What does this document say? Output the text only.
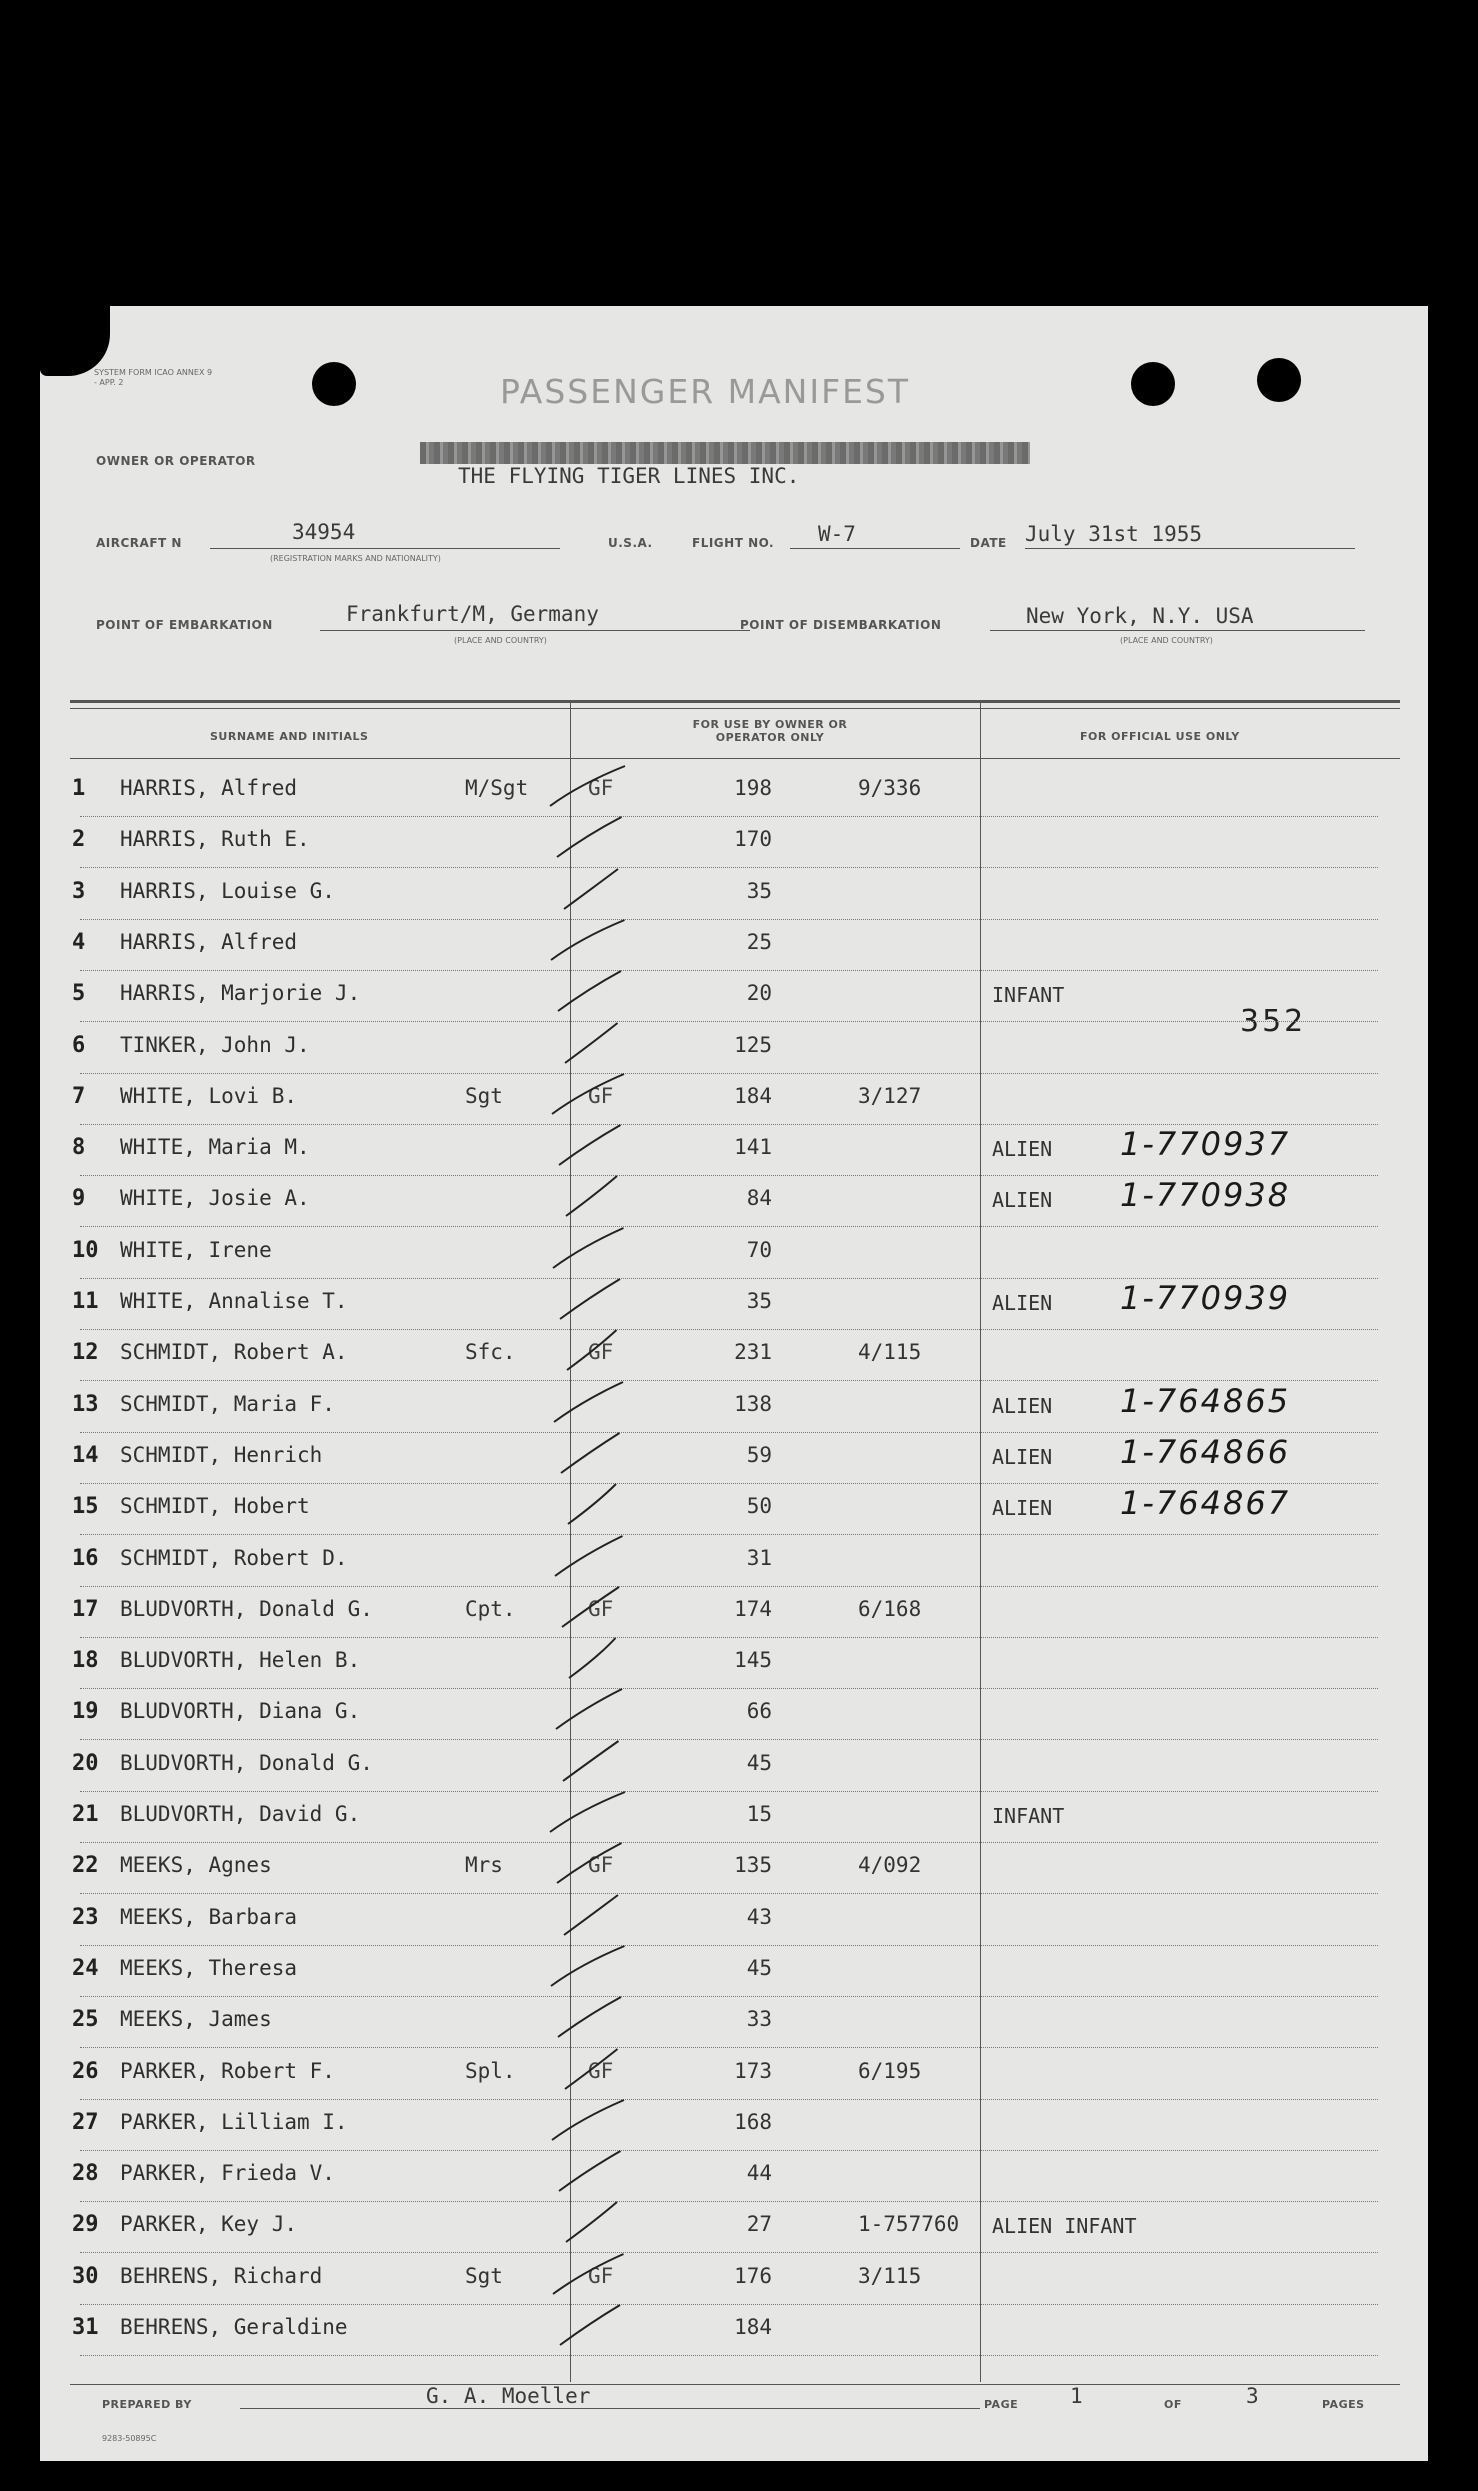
SYSTEM FORM ICAO ANNEX 9 - APP. 2	PASSENGER MANIFEST
OWNER OR OPERATOR
THE FLYING TIGER LINES INC.
AIRCRAFT N	34954
(REGISTRATION MARKS AND NATIONALITY)
U.S.A.	FLIGHT NO. W-7	DATE July 31st 1955
POINT OF EMBARKATION	Frankfurt/M, Germany
(PLACE AND COUNTRY)
POINT OF DISEMBARKATION	New York, N.Y. USA
(PLACE AND COUNTRY)
SURNAME AND INITIALS
FOR USE BY OWNER OR OPERATOR ONLY	FOR OFFICIAL USE ONLY
352
1 HARRIS, Alfred	M/Sgt	GF	198	9/336
2 HARRIS, Ruth E.	170
3 HARRIS, Louise G.	35
4 HARRIS, Alfred	25
5 HARRIS, Marjorie J.	20	INFANT
6 TINKER, John J.	125
7 WHITE, Lovi B.	Sgt	GF	184	3/127
8 WHITE, Maria M.	141	ALIEN 1-770937
9 WHITE, Josie A.	84	ALIEN 1-770938
10 WHITE, Irene	70
11 WHITE, Annalise T.	35	ALIEN 1-770939
12 SCHMIDT, Robert A.	Sfc.	GF	231	4/115
13 SCHMIDT, Maria F.	138	ALIEN 1-764865
14 SCHMIDT, Henrich	59	ALIEN 1-764866
15 SCHMIDT, Hobert	50	ALIEN 1-764867
16 SCHMIDT, Robert D.	31
17 BLUDVORTH, Donald G.	Cpt.	GF	174	6/168
18 BLUDVORTH, Helen B.	145
19 BLUDVORTH, Diana G.	66
20 BLUDVORTH, Donald G.	45
21 BLUDVORTH, David G.	15	INFANT
22 MEEKS, Agnes	Mrs	GF	135	4/092
23 MEEKS, Barbara	43
24 MEEKS, Theresa	45
25 MEEKS, James	33
26 PARKER, Robert F.	Spl.	GF	173	6/195
27 PARKER, Lilliam I.	168
28 PARKER, Frieda V.	44
29 PARKER, Key J.	27	1-757760 ALIEN INFANT
30 BEHRENS, Richard	Sgt	GF	176	3/115
31 BEHRENS, Geraldine	184
PREPARED BY	G. A. Moeller	PAGE 1	OF	3	PAGES
9283-50895C
